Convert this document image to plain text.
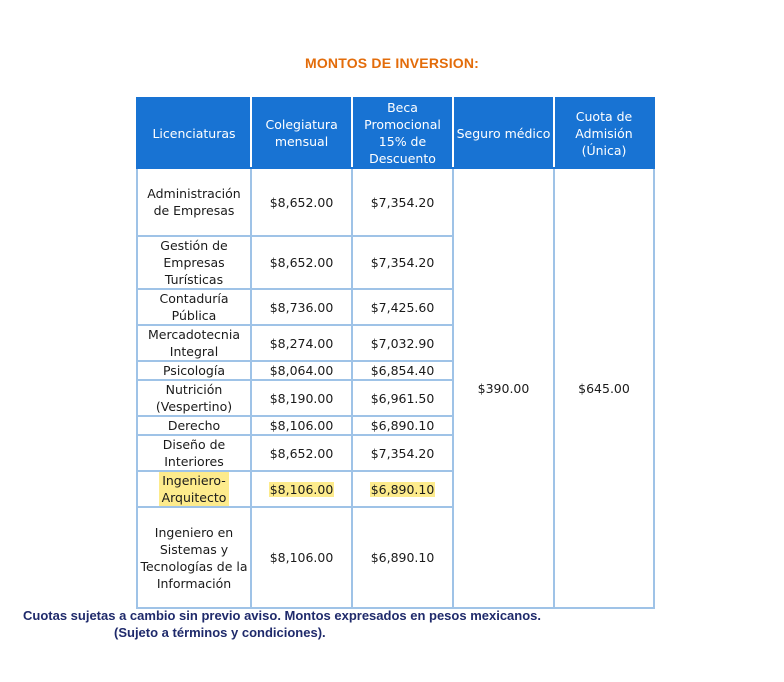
MONTOS DE INVERSION:
Licenciaturas	Colegiatura mensual	Beca Promocional 15% de Descuento	Seguro médico	Cuota de Admisión (Única)
Administración de Empresas	$8,652.00	$7,354.20	$390.00	$645.00
Gestión de Empresas Turísticas	$8,652.00	$7,354.20		
Contaduría Pública	$8,736.00	$7,425.60		
Mercadotecnia Integral	$8,274.00	$7,032.90		
Psicología	$8,064.00	$6,854.40		
Nutrición (Vespertino)	$8,190.00	$6,961.50		
Derecho	$8,106.00	$6,890.10		
Diseño de Interiores	$8,652.00	$7,354.20		
Ingeniero-Arquitecto	$8,106.00	$6,890.10		
Ingeniero en Sistemas y Tecnologías de la Información	$8,106.00	$6,890.10		
Cuotas sujetas a cambio sin previo aviso. Montos expresados en pesos mexicanos.
(Sujeto a términos y condiciones).
